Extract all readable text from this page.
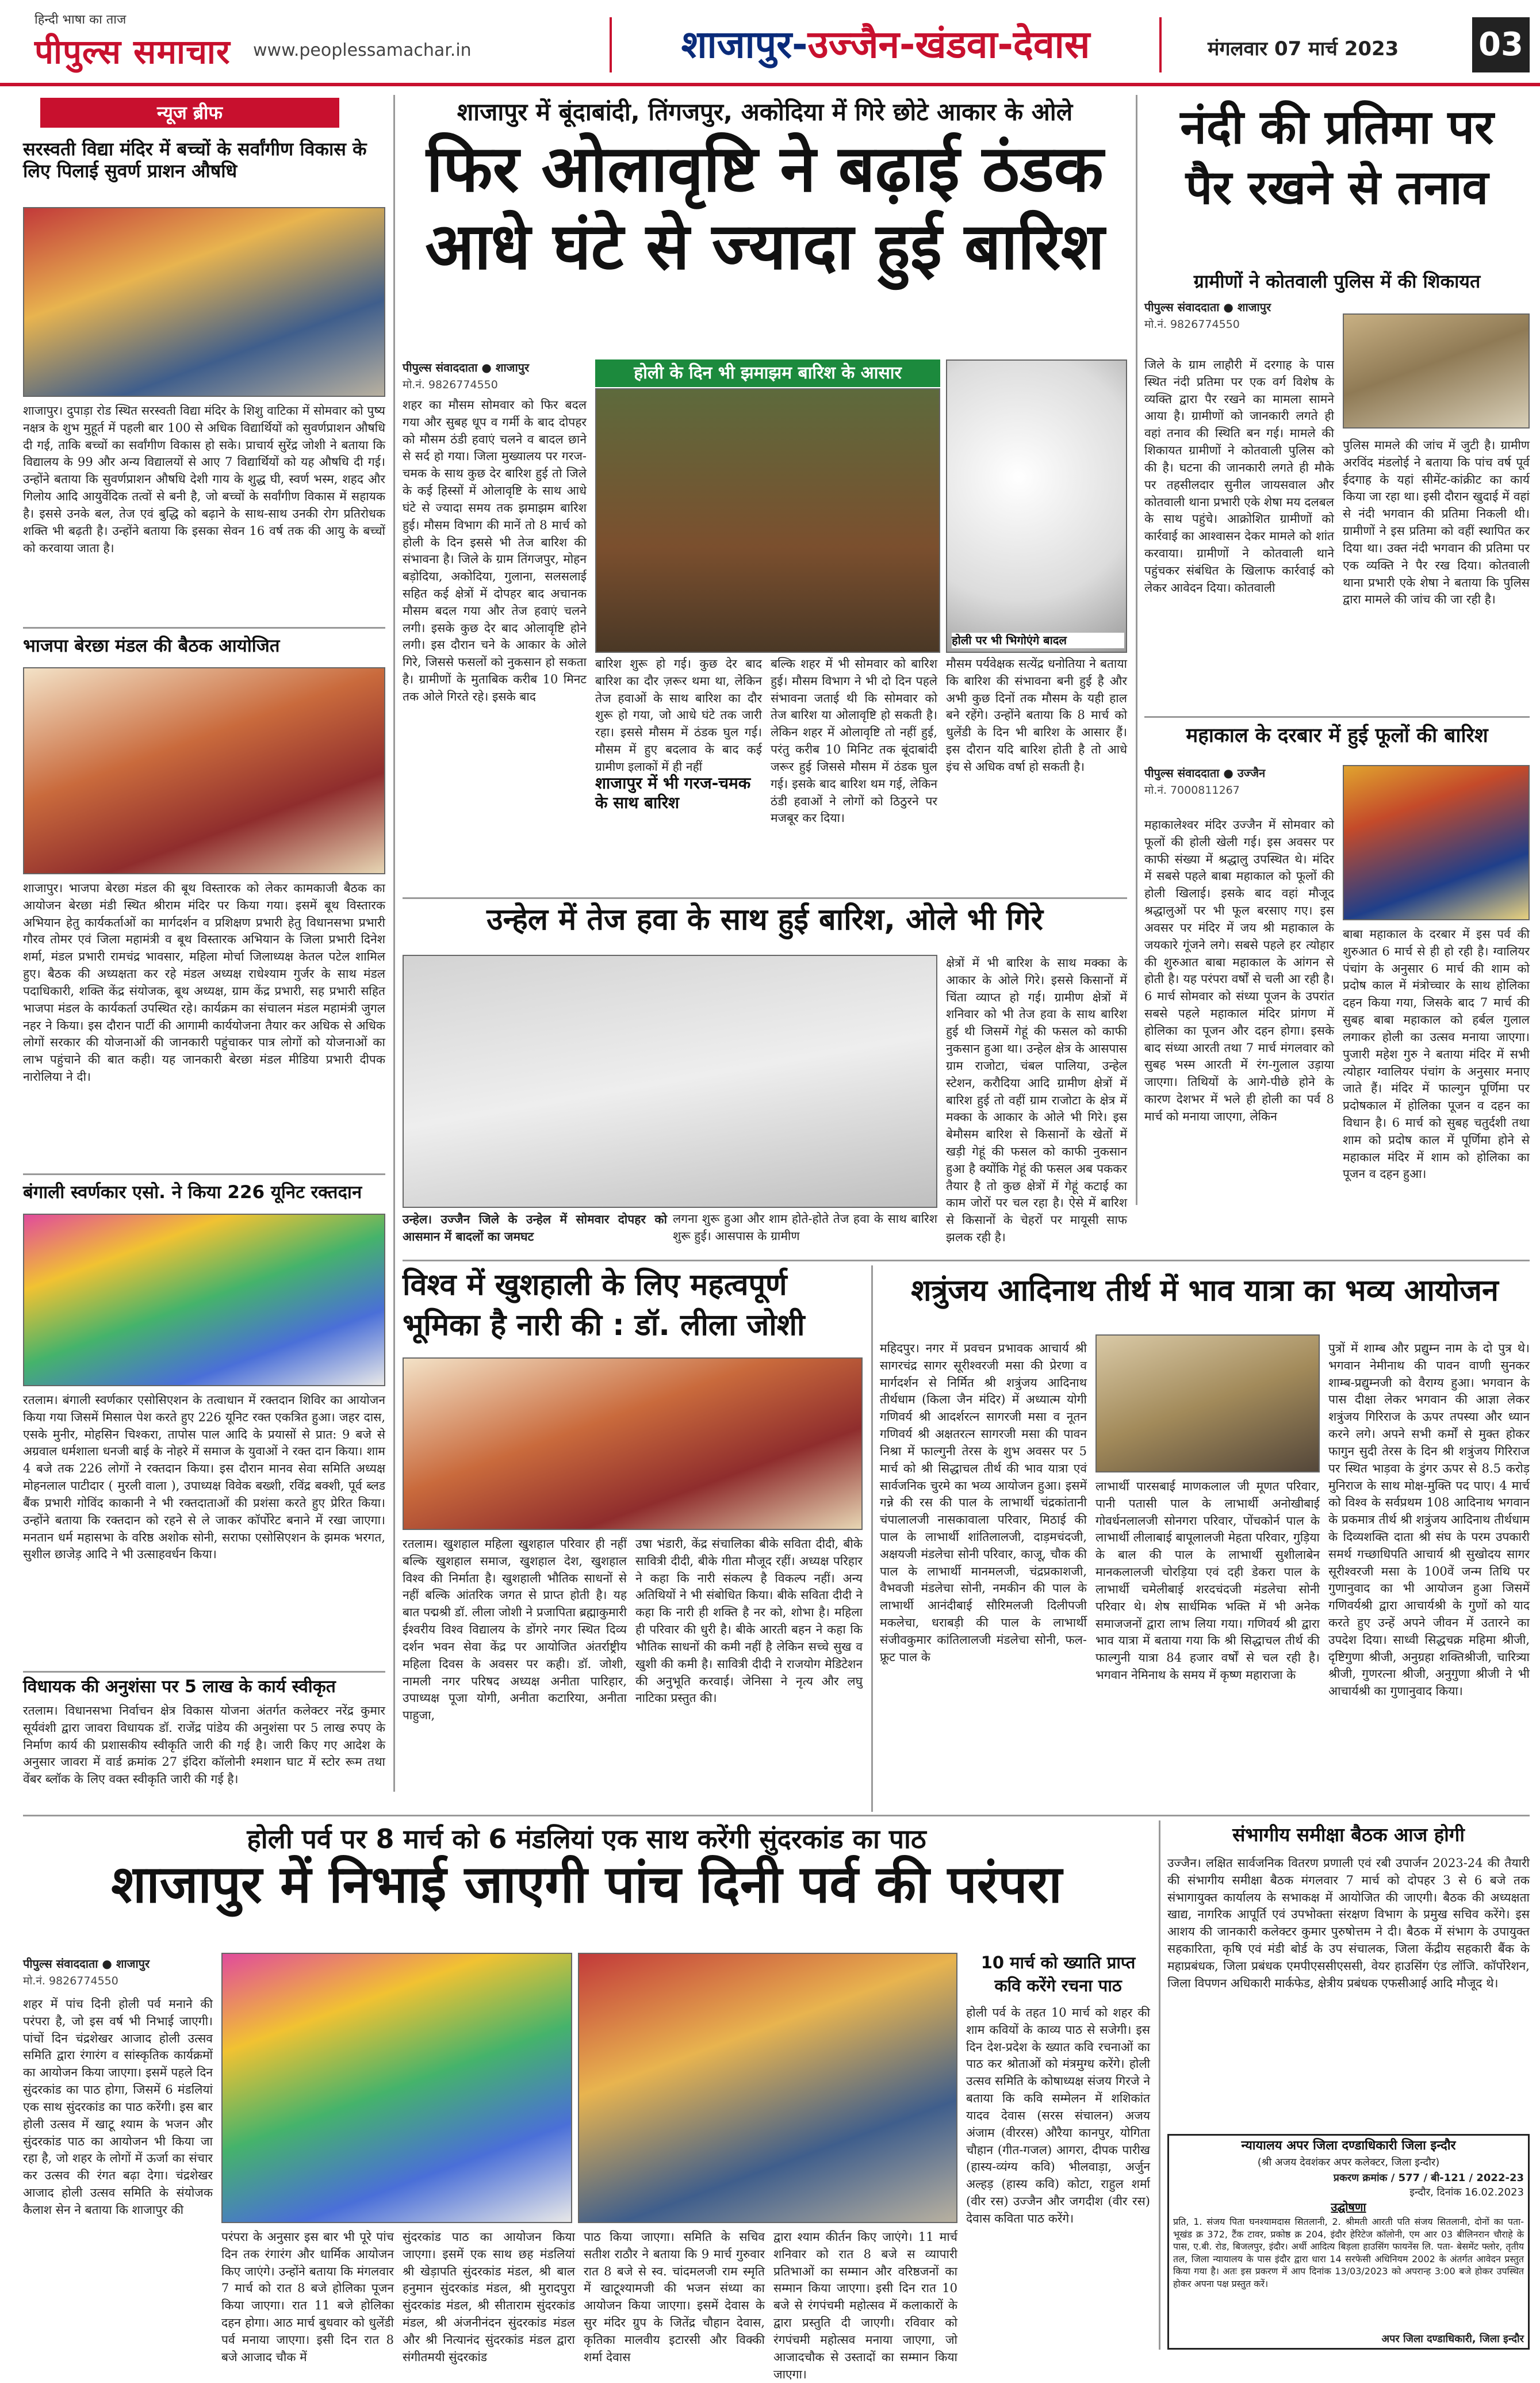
हिन्दी भाषा का ताज
पीपुल्स समाचार	www.peoplessamachar.in	शाजापुर-उज्जैन-खंडवा-देवास	मंगलवार 07 मार्च 2023 03
न्यूज ब्रीफ
सरस्वती विद्या मंदिर में बच्चों के सर्वांगीण विकास के लिए पिलाई सुवर्ण प्राशन औषधि
शाजापुर। दुपाड़ा रोड स्थित सरस्वती विद्या मंदिर के शिशु वाटिका में सोमवार को पुष्य नक्षत्र के शुभ मुहूर्त में पहली बार 100 से अधिक विद्यार्थियों को सुवर्णप्राशन औषधि दी गई, ताकि बच्चों का सर्वांगीण विकास हो सके। प्राचार्य सुरेंद्र जोशी ने बताया कि विद्यालय के 99 और अन्य विद्यालयों से आए 7 विद्यार्थियों को यह औषधि दी गई। उन्होंने बताया कि सुवर्णप्राशन औषधि देशी गाय के शुद्ध घी, स्वर्ण भस्म, शहद और गिलोय आदि आयुर्वेदिक तत्वों से बनी है, जो बच्चों के सर्वांगीण विकास में सहायक है। इससे उनके बल, तेज एवं बुद्धि को बढ़ाने के साथ-साथ उनकी रोग प्रतिरोधक शक्ति भी बढ़ती है। उन्होंने बताया कि इसका सेवन 16 वर्ष तक की आयु के बच्चों को करवाया जाता है।
भाजपा बेरछा मंडल की बैठक आयोजित
शाजापुर। भाजपा बेरछा मंडल की बूथ विस्तारक को लेकर कामकाजी बैठक का आयोजन बेरछा मंडी स्थित श्रीराम मंदिर पर किया गया। इसमें बूथ विस्तारक अभियान हेतु कार्यकर्ताओं का मार्गदर्शन व प्रशिक्षण प्रभारी हेतु विधानसभा प्रभारी गौरव तोमर एवं जिला महामंत्री व बूथ विस्तारक अभियान के जिला प्रभारी दिनेश शर्मा, मंडल प्रभारी रामचंद्र भावसार, महिला मोर्चा जिलाध्यक्ष केतल पटेल शामिल हुए। बैठक की अध्यक्षता कर रहे मंडल अध्यक्ष राधेश्याम गुर्जर के साथ मंडल पदाधिकारी, शक्ति केंद्र संयोजक, बूथ अध्यक्ष, ग्राम केंद्र प्रभारी, सह प्रभारी सहित भाजपा मंडल के कार्यकर्ता उपस्थित रहे। कार्यक्रम का संचालन मंडल महामंत्री जुगल नहर ने किया। इस दौरान पार्टी की आगामी कार्ययोजना तैयार कर अधिक से अधिक लोगों सरकार की योजनाओं की जानकारी पहुंचाकर पात्र लोगों को योजनाओं का लाभ पहुंचाने की बात कही। यह जानकारी बेरछा मंडल मीडिया प्रभारी दीपक नारोलिया ने दी।
बंगाली स्वर्णकार एसो. ने किया 226 यूनिट रक्तदान
रतलाम। बंगाली स्वर्णकार एसोसिएशन के तत्वाधान में रक्तदान शिविर का आयोजन किया गया जिसमें मिसाल पेश करते हुए 226 यूनिट रक्त एकत्रित हुआ। जहर दास, एसके मुनीर, मोहसिन चिश्करा, तापोस पाल आदि के प्रयासों से प्रात: 9 बजे से अग्रवाल धर्मशाला धनजी बाई के नोहरे में समाज के युवाओं ने रक्त दान किया। शाम 4 बजे तक 226 लोगों ने रक्तदान किया। इस दौरान मानव सेवा समिति अध्यक्ष मोहनलाल पाटीदार ( मुरली वाला ), उपाध्यक्ष विवेक बख्शी, रविंद्र बक्शी, पूर्व ब्लड बैंक प्रभारी गोविंद काकानी ने भी रक्तदाताओं की प्रशंसा करते हुए प्रेरित किया। उन्होंने बताया कि रक्तदान को रहने से ले जाकर कॉर्पोरेट बनाने में रखा जाएगा। मनतान धर्म महासभा के वरिष्ठ अशोक सोनी, सराफा एसोसिएशन के झमक भरगत, सुशील छाजेड़ आदि ने भी उत्साहवर्धन किया।
विधायक की अनुशंसा पर 5 लाख के कार्य स्वीकृत
रतलाम। विधानसभा निर्वाचन क्षेत्र विकास योजना अंतर्गत कलेक्टर नरेंद्र कुमार सूर्यवंशी द्वारा जावरा विधायक डॉ. राजेंद्र पांडेय की अनुशंसा पर 5 लाख रुपए के निर्माण कार्य की प्रशासकीय स्वीकृति जारी की गई है। जारी किए गए आदेश के अनुसार जावरा में वार्ड क्रमांक 27 इंदिरा कॉलोनी श्मशान घाट में स्टोर रूम तथा वेंबर ब्लॉक के लिए वक्त स्वीकृति जारी की गई है।
शाजापुर में बूंदाबांदी, तिंगजपुर, अकोदिया में गिरे छोटे आकार के ओले
फिर ओलावृष्टि ने बढ़ाई ठंडक
आधे घंटे से ज्यादा हुई बारिश
पीपुल्स संवाददाता ● शाजापुर
मो.नं. 9826774550
शहर का मौसम सोमवार को फिर बदल गया और सुबह धूप व गर्मी के बाद दोपहर को मौसम ठंडी हवाएं चलने व बादल छाने से सर्द हो गया। जिला मुख्यालय पर गरज-चमक के साथ कुछ देर बारिश हुई तो जिले के कई हिस्सों में ओलावृष्टि के साथ आधे घंटे से ज्यादा समय तक झमाझम बारिश हुई। मौसम विभाग की मानें तो 8 मार्च को होली के दिन इससे भी तेज बारिश की संभावना है। जिले के ग्राम तिंगजपुर, मोहन बड़ोदिया, अकोदिया, गुलाना, सलसलाई सहित कई क्षेत्रों में दोपहर बाद अचानक मौसम बदल गया और तेज हवाएं चलने लगी। इसके कुछ देर बाद ओलावृष्टि होने लगी। इस दौरान चने के आकार के ओले गिरे, जिससे फसलों को नुकसान हो सकता है। ग्रामीणों के मुताबिक करीब 10 मिनट तक ओले गिरते रहे। इसके बाद
होली के दिन भी झमाझम बारिश के आसार
होली पर भी भिगोएंगे बादल
बारिश शुरू हो गई। कुछ देर बाद बारिश का दौर ज़रूर थमा था, लेकिन तेज हवाओं के साथ बारिश का दौर शुरू हो गया, जो आधे घंटे तक जारी रहा। इससे मौसम में ठंडक घुल गई। मौसम में हुए बदलाव के बाद कई ग्रामीण इलाकों में ही नहीं
शाजापुर में भी गरज-चमक के साथ बारिश
बल्कि शहर में भी सोमवार को बारिश हुई। मौसम विभाग ने भी दो दिन पहले संभावना जताई थी कि सोमवार को तेज बारिश या ओलावृष्टि हो सकती है। लेकिन शहर में ओलावृष्टि तो नहीं हुई, परंतु करीब 10 मिनिट तक बूंदाबांदी जरूर हुई जिससे मौसम में ठंडक घुल गई। इसके बाद बारिश थम गई, लेकिन ठंडी हवाओं ने लोगों को ठिठुरने पर मजबूर कर दिया।
मौसम पर्यवेक्षक सत्येंद्र धनोतिया ने बताया कि बारिश की संभावना बनी हुई है और अभी कुछ दिनों तक मौसम के यही हाल बने रहेंगे। उन्होंने बताया कि 8 मार्च को धुलेंडी के दिन भी बारिश के आसार हैं। इस दौरान यदि बारिश होती है तो आधे इंच से अधिक वर्षा हो सकती है।
नंदी की प्रतिमा पर
पैर रखने से तनाव
ग्रामीणों ने कोतवाली पुलिस में की शिकायत
पीपुल्स संवाददाता ● शाजापुर
मो.नं. 9826774550
जिले के ग्राम लाहौरी में दरगाह के पास स्थित नंदी प्रतिमा पर एक वर्ग विशेष के व्यक्ति द्वारा पैर रखने का मामला सामने आया है। ग्रामीणों को जानकारी लगते ही वहां तनाव की स्थिति बन गई। मामले की शिकायत ग्रामीणों ने कोतवाली पुलिस को की है। घटना की जानकारी लगते ही मौके पर तहसीलदार सुनील जायसवाल और कोतवाली थाना प्रभारी एके शेषा मय दलबल के साथ पहुंचे। आक्रोशित ग्रामीणों को कार्रवाई का आश्वासन देकर मामले को शांत करवाया। ग्रामीणों ने कोतवाली थाने पहुंचकर संबंधित के खिलाफ कार्रवाई को लेकर आवेदन दिया। कोतवाली
पुलिस मामले की जांच में जुटी है। ग्रामीण अरविंद मंडलोई ने बताया कि पांच वर्ष पूर्व ईदगाह के यहां सीमेंट-कांक्रीट का कार्य किया जा रहा था। इसी दौरान खुदाई में वहां से नंदी भगवान की प्रतिमा निकली थी। ग्रामीणों ने इस प्रतिमा को वहीं स्थापित कर दिया था। उक्त नंदी भगवान की प्रतिमा पर एक व्यक्ति ने पैर रख दिया। कोतवाली थाना प्रभारी एके शेषा ने बताया कि पुलिस द्वारा मामले की जांच की जा रही है।
महाकाल के दरबार में हुई फूलों की बारिश
पीपुल्स संवाददाता ● उज्जैन
मो.नं. 7000811267
महाकालेश्वर मंदिर उज्जैन में सोमवार को फूलों की होली खेली गई। इस अवसर पर काफी संख्या में श्रद्धालु उपस्थित थे। मंदिर में सबसे पहले बाबा महाकाल को फूलों की होली खिलाई। इसके बाद वहां मौजूद श्रद्धालुओं पर भी फूल बरसाए गए। इस अवसर पर मंदिर में जय श्री महाकाल के जयकारे गूंजने लगे। सबसे पहले हर त्योहार की शुरुआत बाबा महाकाल के आंगन से होती है। यह परंपरा वर्षों से चली आ रही है। 6 मार्च सोमवार को संध्या पूजन के उपरांत सबसे पहले महाकाल मंदिर प्रांगण में होलिका का पूजन और दहन होगा। इसके बाद संध्या आरती तथा 7 मार्च मंगलवार को सुबह भस्म आरती में रंग-गुलाल उड़ाया जाएगा। तिथियों के आगे-पीछे होने के कारण देशभर में भले ही होली का पर्व 8 मार्च को मनाया जाएगा, लेकिन
बाबा महाकाल के दरबार में इस पर्व की शुरुआत 6 मार्च से ही हो रही है। ग्वालियर पंचांग के अनुसार 6 मार्च की शाम को प्रदोष काल में मंत्रोच्चार के साथ होलिका दहन किया गया, जिसके बाद 7 मार्च की सुबह बाबा महाकाल को हर्बल गुलाल लगाकर होली का उत्सव मनाया जाएगा। पुजारी महेश गुरु ने बताया मंदिर में सभी त्योहार ग्वालियर पंचांग के अनुसार मनाए जाते हैं। मंदिर में फाल्गुन पूर्णिमा पर प्रदोषकाल में होलिका पूजन व दहन का विधान है। 6 मार्च को सुबह चतुर्दशी तथा शाम को प्रदोष काल में पूर्णिमा होने से महाकाल मंदिर में शाम को होलिका का पूजन व दहन हुआ।
उन्हेल में तेज हवा के साथ हुई बारिश, ओले भी गिरे
उन्हेल। उज्जैन जिले के उन्हेल में सोमवार दोपहर को आसमान में बादलों का जमघट
लगना शुरू हुआ और शाम होते-होते तेज हवा के साथ बारिश शुरू हुई। आसपास के ग्रामीण
क्षेत्रों में भी बारिश के साथ मक्का के आकार के ओले गिरे। इससे किसानों में चिंता व्याप्त हो गई। ग्रामीण क्षेत्रों में शनिवार को भी तेज हवा के साथ बारिश हुई थी जिसमें गेहूं की फसल को काफी नुकसान हुआ था। उन्हेल क्षेत्र के आसपास ग्राम राजोटा, चंबल पालिया, उन्हेल स्टेशन, करौदिया आदि ग्रामीण क्षेत्रों में बारिश हुई तो वहीं ग्राम राजोटा के क्षेत्र में मक्का के आकार के ओले भी गिरे। इस बेमौसम बारिश से किसानों के खेतों में खड़ी गेहूं की फसल को काफी नुकसान हुआ है क्योंकि गेहूं की फसल अब पककर तैयार है तो कुछ क्षेत्रों में गेहूं कटाई का काम जोरों पर चल रहा है। ऐसे में बारिश से किसानों के चेहरों पर मायूसी साफ झलक रही है।
विश्व में खुशहाली के लिए महत्वपूर्ण
भूमिका है नारी की : डॉ. लीला जोशी
रतलाम। खुशहाल महिला खुशहाल परिवार ही नहीं बल्कि खुशहाल समाज, खुशहाल देश, खुशहाल विश्व की निर्माता है। खुशहाली भौतिक साधनों से नहीं बल्कि आंतरिक जगत से प्राप्त होती है। यह बात पद्मश्री डॉ. लीला जोशी ने प्रजापिता ब्रह्माकुमारी ईश्वरीय विश्व विद्यालय के डोंगरे नगर स्थित दिव्य दर्शन भवन सेवा केंद्र पर आयोजित अंतर्राष्ट्रीय महिला दिवस के अवसर पर कही। डॉ. जोशी, नामली नगर परिषद अध्यक्ष अनीता पारिहार, उपाध्यक्ष पूजा योगी, अनीता कटारिया, अनीता पाहुजा,
उषा भंडारी, केंद्र संचालिका बीके सविता दीदी, बीके सावित्री दीदी, बीके गीता मौजूद रहीं। अध्यक्ष परिहार ने कहा कि नारी संकल्प है विकल्प नहीं। अन्य अतिथियों ने भी संबोधित किया। बीके सविता दीदी ने कहा कि नारी ही शक्ति है नर को, शोभा है। महिला ही परिवार की धुरी है। बीके आरती बहन ने कहा कि भौतिक साधनों की कमी नहीं है लेकिन सच्चे सुख व खुशी की कमी है। सावित्री दीदी ने राजयोग मेडिटेशन की अनुभूति करवाई। जेनिसा ने नृत्य और लघु नाटिका प्रस्तुत की।
शत्रुंजय आदिनाथ तीर्थ में भाव यात्रा का भव्य आयोजन
महिदपुर। नगर में प्रवचन प्रभावक आचार्य श्री सागरचंद्र सागर सूरीश्वरजी मसा की प्रेरणा व मार्गदर्शन से निर्मित श्री शत्रुंजय आदिनाथ तीर्थधाम (किला जैन मंदिर) में अध्यात्म योगी गणिवर्य श्री आदर्शरत्न सागरजी मसा व नूतन गणिवर्य श्री अक्षतरत्न सागरजी मसा की पावन निश्रा में फाल्गुनी तेरस के शुभ अवसर पर 5 मार्च को श्री सिद्धाचल तीर्थ की भाव यात्रा एवं सार्वजनिक चुरमे का भव्य आयोजन हुआ। इसमें गन्ने की रस की पाल के लाभार्थी चंद्रकांतानी चंपालालजी नासकावाला परिवार, मिठाई की पाल के लाभार्थी शांतिलालजी, दाड़मचंदजी, अक्षयजी मंडलेचा सोनी परिवार, काजू, चौक की पाल के लाभार्थी मानमलजी, चंद्रप्रकाशजी, वैभवजी मंडलेचा सोनी, नमकीन की पाल के लाभार्थी आनंदीबाई सौरिमलजी दिलीपजी मकलेचा, धराबड़ी की पाल के लाभार्थी संजीवकुमार कांतिलालजी मंडलेचा सोनी, फल-फ्रूट पाल के
लाभार्थी पारसबाई माणकलाल जी मूणत परिवार, पानी पतासी पाल के लाभार्थी अनोखीबाई गोवर्धनलालजी सोनगरा परिवार, पोंचकोर्न पाल के लाभार्थी लीलाबाई बापूलालजी मेहता परिवार, गुड़िया के बाल की पाल के लाभार्थी सुशीलाबेन मानकलालजी चोरड़िया एवं दही डेकरा पाल के लाभार्थी चमेलीबाई शरदचंदजी मंडलेचा सोनी परिवार थे। शेष सार्धमिक भक्ति में भी अनेक समाजजनों द्वारा लाभ लिया गया। गणिवर्य श्री द्वारा भाव यात्रा में बताया गया कि श्री सिद्धाचल तीर्थ की फाल्गुनी यात्रा 84 हजार वर्षों से चल रही है। भगवान नेमिनाथ के समय में कृष्ण महाराजा के
पुत्रों में शाम्ब और प्रद्युम्न नाम के दो पुत्र थे। भगवान नेमीनाथ की पावन वाणी सुनकर शाम्ब-प्रद्युम्नजी को वैराग्य हुआ। भगवान के पास दीक्षा लेकर भगवान की आज्ञा लेकर शत्रुंजय गिरिराज के ऊपर तपस्या और ध्यान करने लगे। अपने सभी कर्मों से मुक्त होकर फागुन सुदी तेरस के दिन श्री शत्रुंजय गिरिराज पर स्थित भाड़वा के डुंगर ऊपर से 8.5 करोड़ मुनिराज के साथ मोक्ष-मुक्ति पद पाए। 4 मार्च को विश्व के सर्वप्रथम 108 आदिनाथ भगवान के प्रकमात्र तीर्थ श्री शत्रुंजय आदिनाथ तीर्थधाम के दिव्यशक्ति दाता श्री संघ के परम उपकारी समर्थ गच्छाधिपति आचार्य श्री सुखोदय सागर सूरीश्वरजी मसा के 100वें जन्म तिथि पर गुणानुवाद का भी आयोजन हुआ जिसमें गणिवर्यश्री द्वारा आचार्यश्री के गुणों को याद करते हुए उन्हें अपने जीवन में उतारने का उपदेश दिया। साध्वी सिद्धचक्र महिमा श्रीजी, दृष्टिगुणा श्रीजी, अनुग्रहा शक्तिश्रीजी, चारित्र्या श्रीजी, गुणरत्ना श्रीजी, अनुगुणा श्रीजी ने भी आचार्यश्री का गुणानुवाद किया।
होली पर्व पर 8 मार्च को 6 मंडलियां एक साथ करेंगी सुंदरकांड का पाठ
शाजापुर में निभाई जाएगी पांच दिनी पर्व की परंपरा
पीपुल्स संवाददाता ● शाजापुर
मो.नं. 9826774550
शहर में पांच दिनी होली पर्व मनाने की परंपरा है, जो इस वर्ष भी निभाई जाएगी। पांचों दिन चंद्रशेखर आजाद होली उत्सव समिति द्वारा रंगारंग व सांस्कृतिक कार्यक्रमों का आयोजन किया जाएगा। इसमें पहले दिन सुंदरकांड का पाठ होगा, जिसमें 6 मंडलियां एक साथ सुंदरकांड का पाठ करेंगी। इस बार होली उत्सव में खाटू श्याम के भजन और सुंदरकांड पाठ का आयोजन भी किया जा रहा है, जो शहर के लोगों में ऊर्जा का संचार कर उत्सव की रंगत बढ़ा देगा। चंद्रशेखर आजाद होली उत्सव समिति के संयोजक कैलाश सेन ने बताया कि शाजापुर की
परंपरा के अनुसार इस बार भी पूरे पांच दिन तक रंगारंग और धार्मिक आयोजन किए जाएंगे। उन्होंने बताया कि मंगलवार 7 मार्च को रात 8 बजे होलिका पूजन किया जाएगा। रात 11 बजे होलिका दहन होगा। आठ मार्च बुधवार को धुलेंडी पर्व मनाया जाएगा। इसी दिन रात 8 बजे आजाद चौक में
सुंदरकांड पाठ का आयोजन किया जाएगा। इसमें एक साथ छह मंडलियां श्री खेड़ापति सुंदरकांड मंडल, श्री बाल हनुमान सुंदरकांड मंडल, श्री मुरादपुरा सुंदरकांड मंडल, श्री सीताराम सुंदरकांड मंडल, श्री अंजनीनंदन सुंदरकांड मंडल और श्री नित्यानंद सुंदरकांड मंडल द्वारा संगीतमयी सुंदरकांड
पाठ किया जाएगा। समिति के सचिव सतीश राठौर ने बताया कि 9 मार्च गुरुवार रात 8 बजे से स्व. चांदमलजी राम स्मृति में खाटूश्यामजी की भजन संध्या का आयोजन किया जाएगा। इसमें देवास के सुर मंदिर ग्रुप के जितेंद्र चौहान देवास, कृतिका मालवीय इटारसी और विक्की शर्मा देवास
द्वारा श्याम कीर्तन किए जाएंगे। 11 मार्च शनिवार को रात 8 बजे स व्यापारी प्रतिभाओं का सम्मान और वरिष्ठजनों का सम्मान किया जाएगा। इसी दिन रात 10 बजे से रंगपंचमी महोत्सव में कलाकारों के द्वारा प्रस्तुति दी जाएगी। रविवार को रंगपंचमी महोत्सव मनाया जाएगा, जो आजादचौक से उस्तादों का सम्मान किया जाएगा।
10 मार्च को ख्याति प्राप्त
कवि करेंगे रचना पाठ
होली पर्व के तहत 10 मार्च को शहर की शाम कवियों के काव्य पाठ से सजेगी। इस दिन देश-प्रदेश के ख्यात कवि रचनाओं का पाठ कर श्रोताओं को मंत्रमुग्ध करेंगे। होली उत्सव समिति के कोषाध्यक्ष संजय गिरजे ने बताया कि कवि सम्मेलन में शशिकांत यादव देवास (सरस संचालन) अजय अंजाम (वीररस) औरैया कानपुर, योगिता चौहान (गीत-गजल) आगरा, दीपक पारीख (हास्य-व्यंग्य कवि) भीलवाड़ा, अर्जुन अल्हड़ (हास्य कवि) कोटा, राहुल शर्मा (वीर रस) उज्जैन और जगदीश (वीर रस) देवास कविता पाठ करेंगे।
संभागीय समीक्षा बैठक आज होगी
उज्जैन। लक्षित सार्वजनिक वितरण प्रणाली एवं रबी उपार्जन 2023-24 की तैयारी की संभागीय समीक्षा बैठक मंगलवार 7 मार्च को दोपहर 3 से 6 बजे तक संभागायुक्त कार्यालय के सभाकक्ष में आयोजित की जाएगी। बैठक की अध्यक्षता खाद्य, नागरिक आपूर्ति एवं उपभोक्ता संरक्षण विभाग के प्रमुख सचिव करेंगे। इस आशय की जानकारी कलेक्टर कुमार पुरुषोत्तम ने दी। बैठक में संभाग के उपायुक्त सहकारिता, कृषि एवं मंडी बोर्ड के उप संचालक, जिला केंद्रीय सहकारी बैंक के महाप्रबंधक, जिला प्रबंधक एमपीएससीएससी, वेयर हाउसिंग एंड लॉजि. कॉर्पोरेशन, जिला विपणन अधिकारी मार्कफेड, क्षेत्रीय प्रबंधक एफसीआई आदि मौजूद थे।
न्यायालय अपर जिला दण्डाधिकारी जिला इन्दौर
(श्री अजय देवशंकर अपर कलेक्टर, जिला इन्दौर)
प्रकरण क्रमांक / 577 / बी-121 / 2022-23
इन्दौर, दिनांक 16.02.2023
उद्घोषणा
प्रति, 1. संजय पिता घनश्यामदास सितलानी, 2. श्रीमती आरती पति संजय सितलानी, दोनों का पता- भूखंड क्र 372, टैंक टावर, प्रकोष्ठ क्र 204, इंदौर हेरिटेज कॉलोनी, एम आर 03 बीलिनरान चौराहे के पास, ए.बी. रोड, बिजलपुर, इंदौर। अर्थी आदित्य बिड़ला हाउसिंग फायनेंस लि. पता- बेसमेंट फ्लोर, तृतीय तल, जिला न्यायालय के पास इंदौर द्वारा धारा 14 सरफेसी अधिनियम 2002 के अंतर्गत आवेदन प्रस्तुत किया गया है। अतः इस प्रकरण में आप दिनांक 13/03/2023 को अपरान्ह 3:00 बजे होकर उपस्थित होकर अपना पक्ष प्रस्तुत करें।
अपर जिला दण्डाधिकारी, जिला इन्दौर
